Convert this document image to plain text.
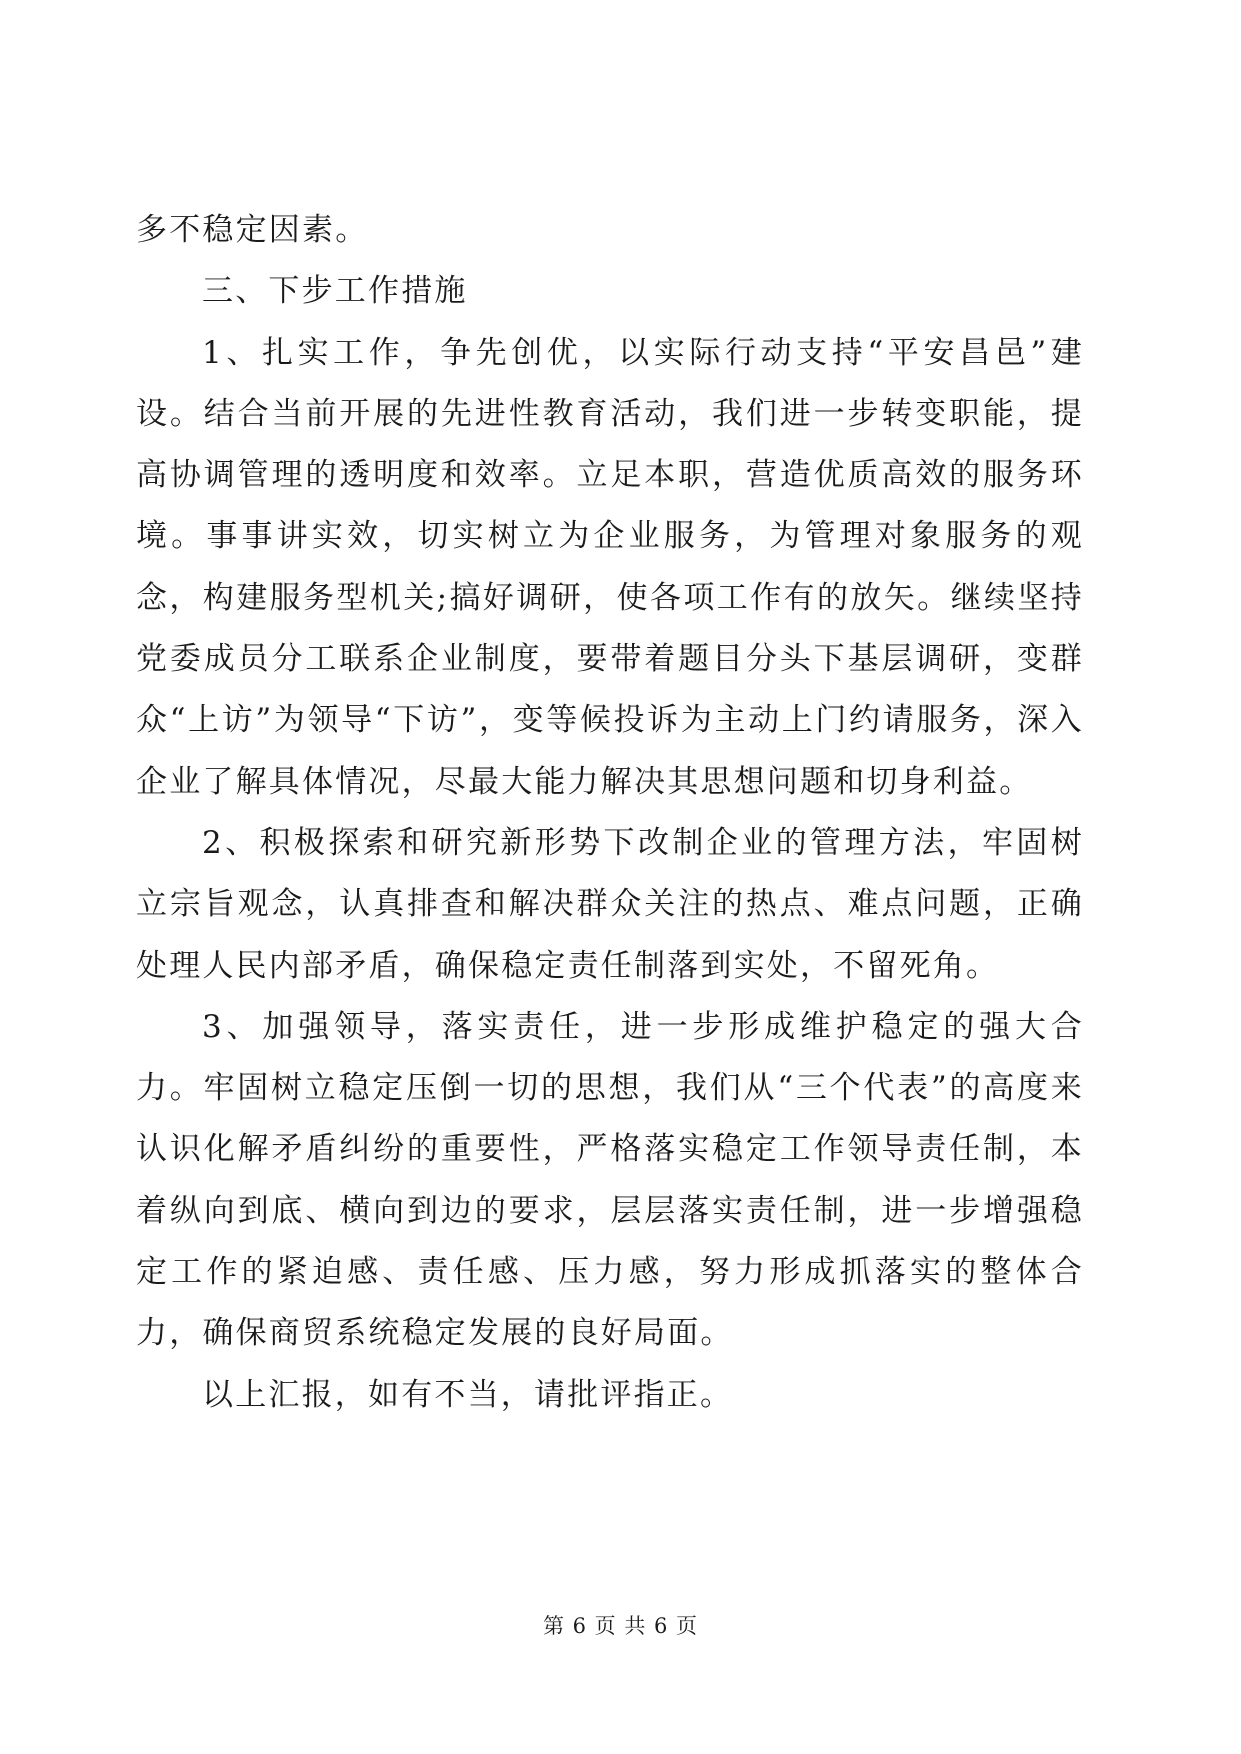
多不稳定因素。

三、下步工作措施

1、扎实工作，争先创优，以实际行动支持“平安昌邑”建设。结合当前开展的先进性教育活动，我们进一步转变职能，提高协调管理的透明度和效率。立足本职，营造优质高效的服务环境。事事讲实效，切实树立为企业服务，为管理对象服务的观念，构建服务型机关;搞好调研，使各项工作有的放矢。继续坚持党委成员分工联系企业制度，要带着题目分头下基层调研，变群众“上访”为领导“下访”，变等候投诉为主动上门约请服务，深入企业了解具体情况，尽最大能力解决其思想问题和切身利益。

2、积极探索和研究新形势下改制企业的管理方法，牢固树立宗旨观念，认真排查和解决群众关注的热点、难点问题，正确处理人民内部矛盾，确保稳定责任制落到实处，不留死角。

3、加强领导，落实责任，进一步形成维护稳定的强大合力。牢固树立稳定压倒一切的思想，我们从“三个代表”的高度来认识化解矛盾纠纷的重要性，严格落实稳定工作领导责任制，本着纵向到底、横向到边的要求，层层落实责任制，进一步增强稳定工作的紧迫感、责任感、压力感，努力形成抓落实的整体合力，确保商贸系统稳定发展的良好局面。

以上汇报，如有不当，请批评指正。

第 6 页 共 6 页
